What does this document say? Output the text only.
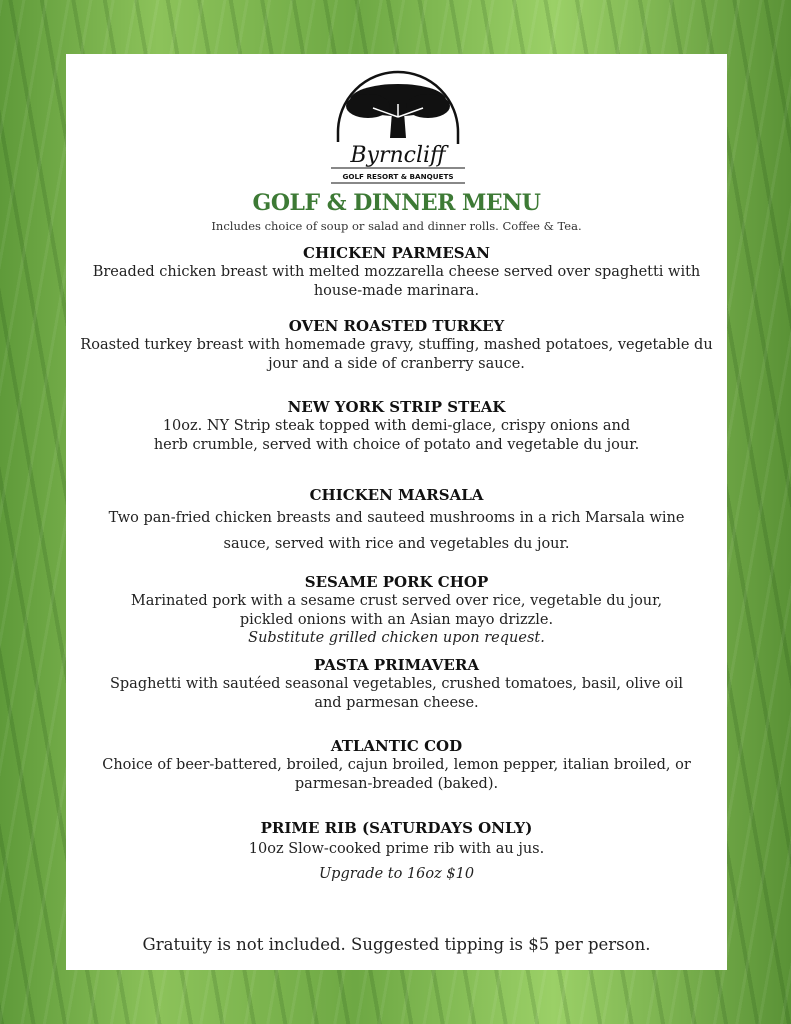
Byrncliff
GOLF RESORT & BANQUETS
GOLF & DINNER MENU
Includes choice of soup or salad and dinner rolls. Coffee & Tea.
CHICKEN PARMESAN
Breaded chicken breast with melted mozzarella cheese served over spaghetti with
house-made marinara.
OVEN ROASTED TURKEY
Roasted turkey breast with homemade gravy, stuffing, mashed potatoes, vegetable du
jour and a side of cranberry sauce.
NEW YORK STRIP STEAK
10oz. NY Strip steak topped with demi-glace, crispy onions and
herb crumble, served with choice of potato and vegetable du jour.
CHICKEN MARSALA
Two pan-fried chicken breasts and sauteed mushrooms in a rich Marsala wine
sauce, served with rice and vegetables du jour.
SESAME PORK CHOP
Marinated pork with a sesame crust served over rice, vegetable du jour,
pickled onions with an Asian mayo drizzle.
Substitute grilled chicken upon request.
PASTA PRIMAVERA
Spaghetti with sautéed seasonal vegetables, crushed tomatoes, basil, olive oil
and parmesan cheese.
ATLANTIC COD
Choice of beer-battered, broiled, cajun broiled, lemon pepper, italian broiled, or
parmesan-breaded (baked).
PRIME RIB (SATURDAYS ONLY)
10oz Slow-cooked prime rib with au jus.
Upgrade to 16oz $10
Gratuity is not included. Suggested tipping is $5 per person.
